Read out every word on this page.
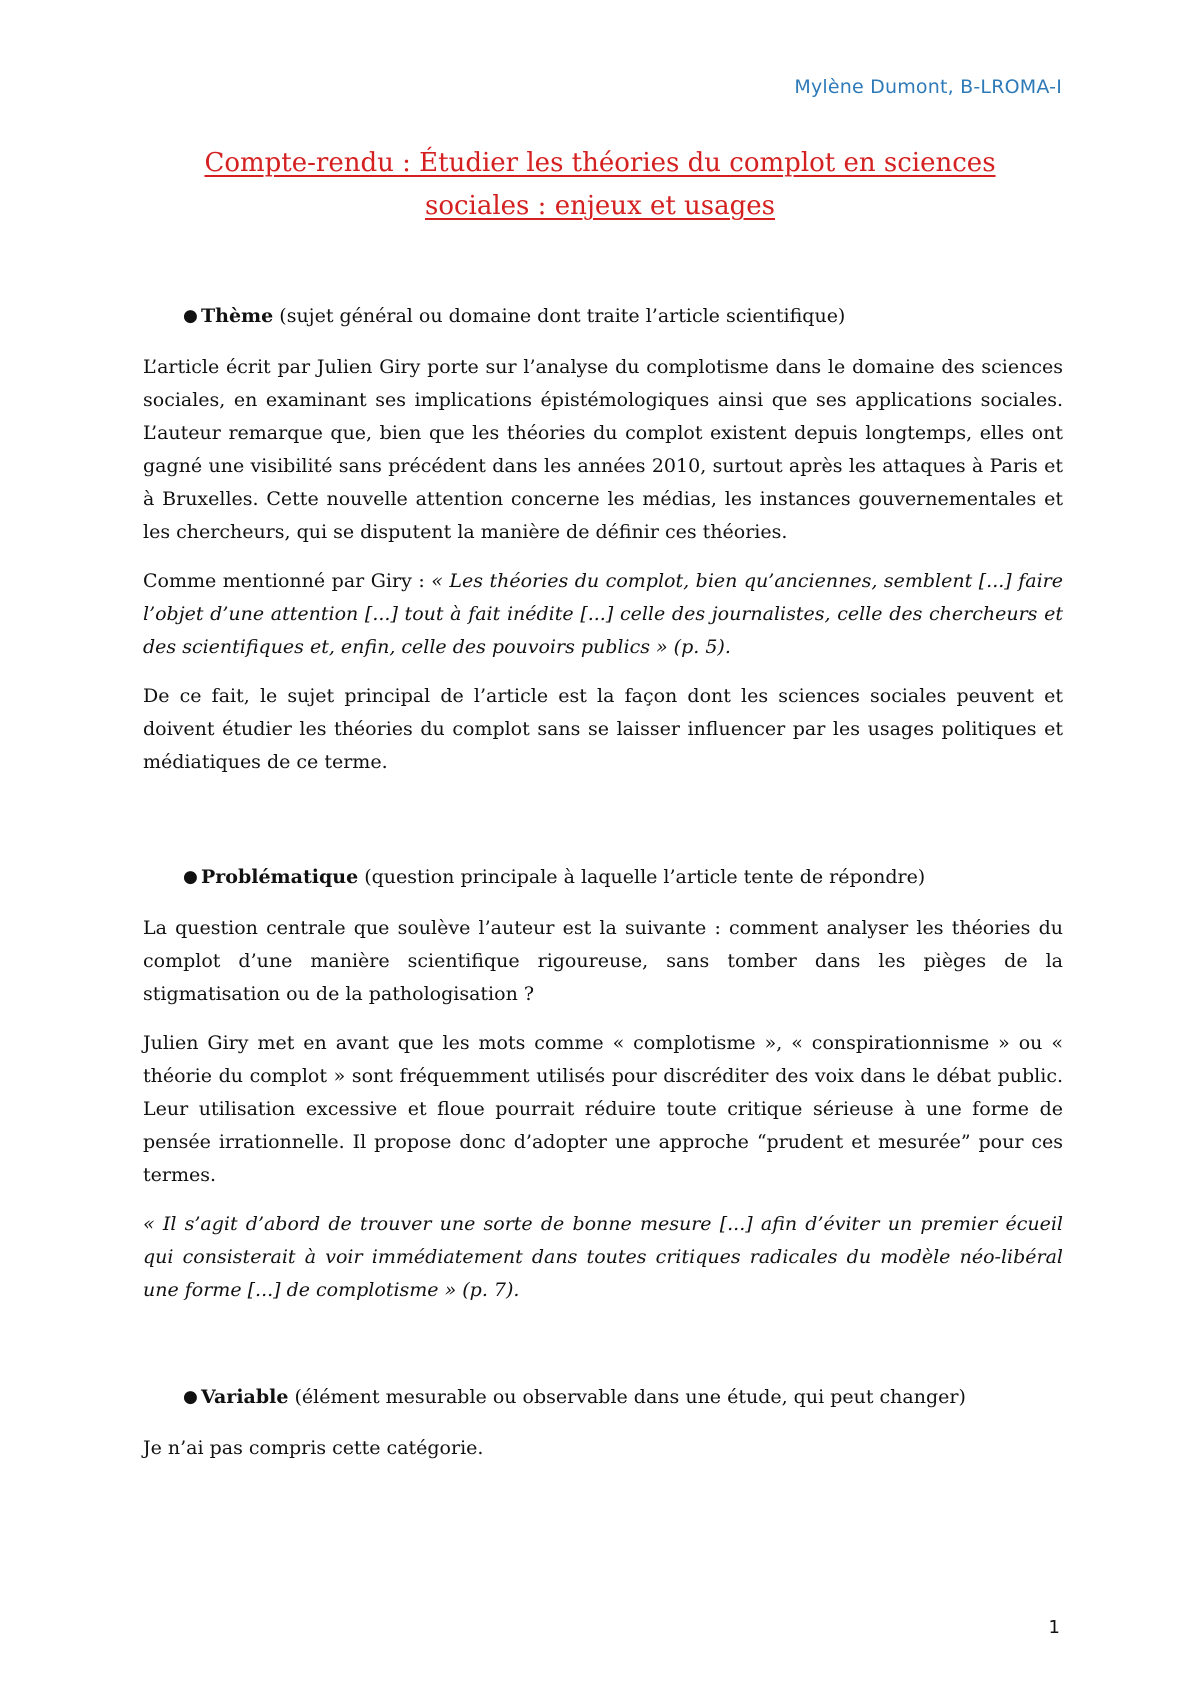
Mylène Dumont, B-LROMA-I
Compte-rendu : Étudier les théories du complot en sciences
sociales : enjeux et usages
● Thème (sujet général ou domaine dont traite l’article scientifique)

L’article écrit par Julien Giry porte sur l’analyse du complotisme dans le domaine des sciences sociales, en examinant ses implications épistémologiques ainsi que ses applications sociales. L’auteur remarque que, bien que les théories du complot existent depuis longtemps, elles ont gagné une visibilité sans précédent dans les années 2010, surtout après les attaques à Paris et à Bruxelles. Cette nouvelle attention concerne les médias, les instances gouvernementales et les chercheurs, qui se disputent la manière de définir ces théories.

Comme mentionné par Giry : « Les théories du complot, bien qu’anciennes, semblent [...] faire l’objet d’une attention [...] tout à fait inédite [...] celle des journalistes, celle des chercheurs et des scientifiques et, enfin, celle des pouvoirs publics » (p. 5).

De ce fait, le sujet principal de l’article est la façon dont les sciences sociales peuvent et doivent étudier les théories du complot sans se laisser influencer par les usages politiques et médiatiques de ce terme.

● Problématique (question principale à laquelle l’article tente de répondre)

La question centrale que soulève l’auteur est la suivante : comment analyser les théories du complot d’une manière scientifique rigoureuse, sans tomber dans les pièges de la stigmatisation ou de la pathologisation ?

Julien Giry met en avant que les mots comme « complotisme », « conspirationnisme » ou « théorie du complot » sont fréquemment utilisés pour discréditer des voix dans le débat public. Leur utilisation excessive et floue pourrait réduire toute critique sérieuse à une forme de pensée irrationnelle. Il propose donc d’adopter une approche “prudent et mesurée” pour ces termes.

« Il s’agit d’abord de trouver une sorte de bonne mesure [...] afin d’éviter un premier écueil qui consisterait à voir immédiatement dans toutes critiques radicales du modèle néo-libéral une forme [...] de complotisme » (p. 7).

● Variable (élément mesurable ou observable dans une étude, qui peut changer)

Je n’ai pas compris cette catégorie.

1
